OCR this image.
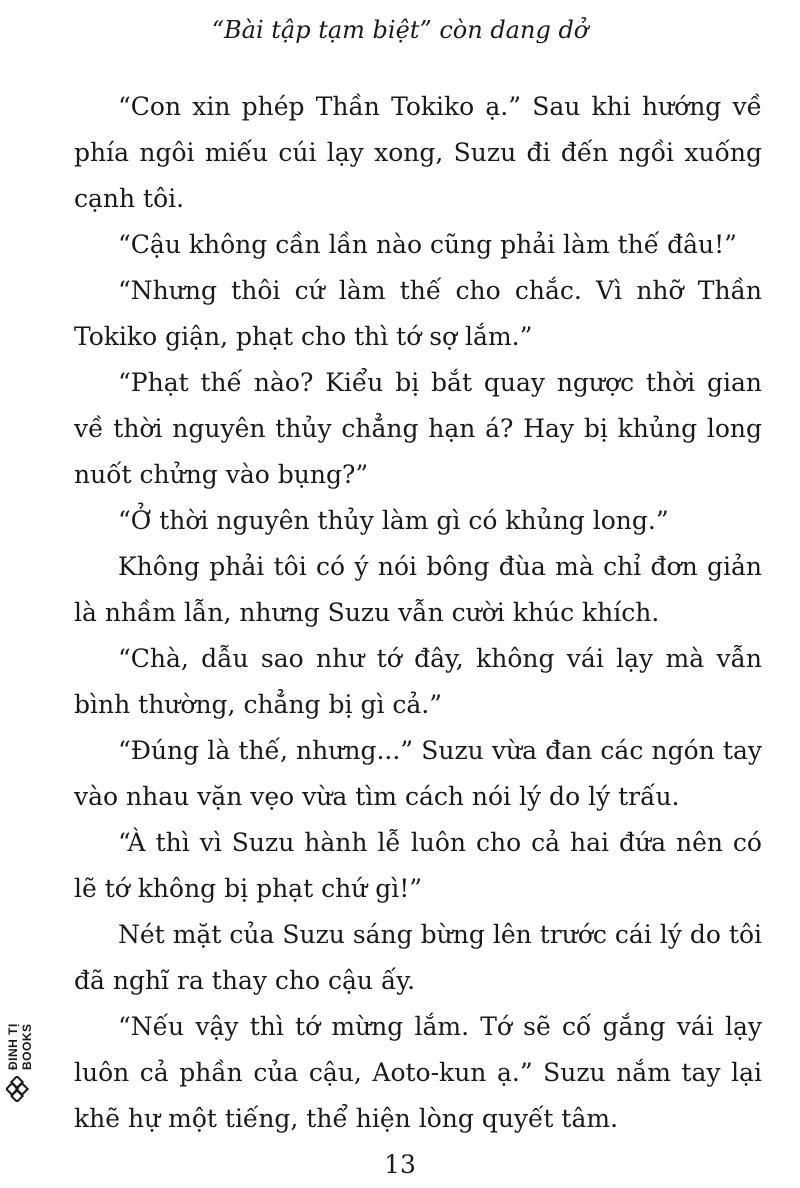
“Bài tập tạm biệt” còn dang dở

“Con xin phép Thần Tokiko ạ.” Sau khi hướng về phía ngôi miếu cúi lạy xong, Suzu đi đến ngồi xuống cạnh tôi.

“Cậu không cần lần nào cũng phải làm thế đâu!”

“Nhưng thôi cứ làm thế cho chắc. Vì nhỡ Thần Tokiko giận, phạt cho thì tớ sợ lắm.”

“Phạt thế nào? Kiểu bị bắt quay ngược thời gian về thời nguyên thủy chẳng hạn á? Hay bị khủng long nuốt chửng vào bụng?”

“Ở thời nguyên thủy làm gì có khủng long.”

Không phải tôi có ý nói bông đùa mà chỉ đơn giản là nhầm lẫn, nhưng Suzu vẫn cười khúc khích.

“Chà, dẫu sao như tớ đây, không vái lạy mà vẫn bình thường, chẳng bị gì cả.”

“Đúng là thế, nhưng...” Suzu vừa đan các ngón tay vào nhau vặn vẹo vừa tìm cách nói lý do lý trấu.

“À thì vì Suzu hành lễ luôn cho cả hai đứa nên có lẽ tớ không bị phạt chứ gì!”

Nét mặt của Suzu sáng bừng lên trước cái lý do tôi đã nghĩ ra thay cho cậu ấy.

“Nếu vậy thì tớ mừng lắm. Tớ sẽ cố gắng vái lạy luôn cả phần của cậu, Aoto-kun ạ.” Suzu nắm tay lại khẽ hự một tiếng, thể hiện lòng quyết tâm.

ĐINH TỊ BOOKS
13
